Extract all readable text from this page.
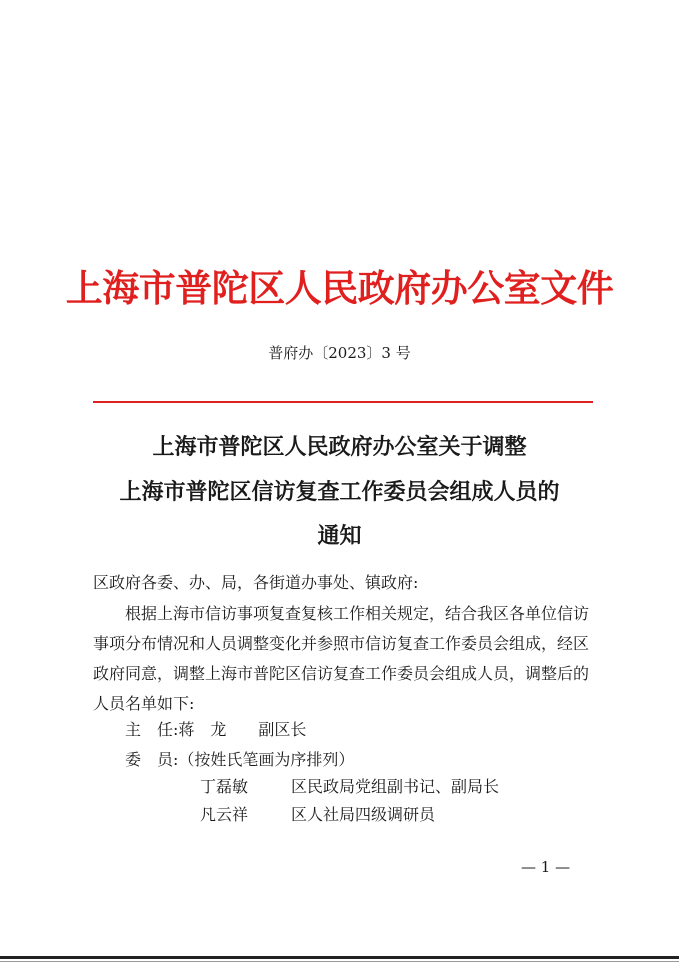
上海市普陀区人民政府办公室文件
普府办〔2023〕3 号
上海市普陀区人民政府办公室关于调整
上海市普陀区信访复查工作委员会组成人员的
通知
区政府各委、办、局，各街道办事处、镇政府:
根据上海市信访事项复查复核工作相关规定，结合我区各单位信访事项分布情况和人员调整变化并参照市信访复查工作委员会组成，经区政府同意，调整上海市普陀区信访复查工作委员会组成人员，调整后的人员名单如下:
主　任:蒋　龙　　副区长
委　员:（按姓氏笔画为序排列）
丁磊敏	区民政局党组副书记、副局长
凡云祥	区人社局四级调研员
— 1 —
